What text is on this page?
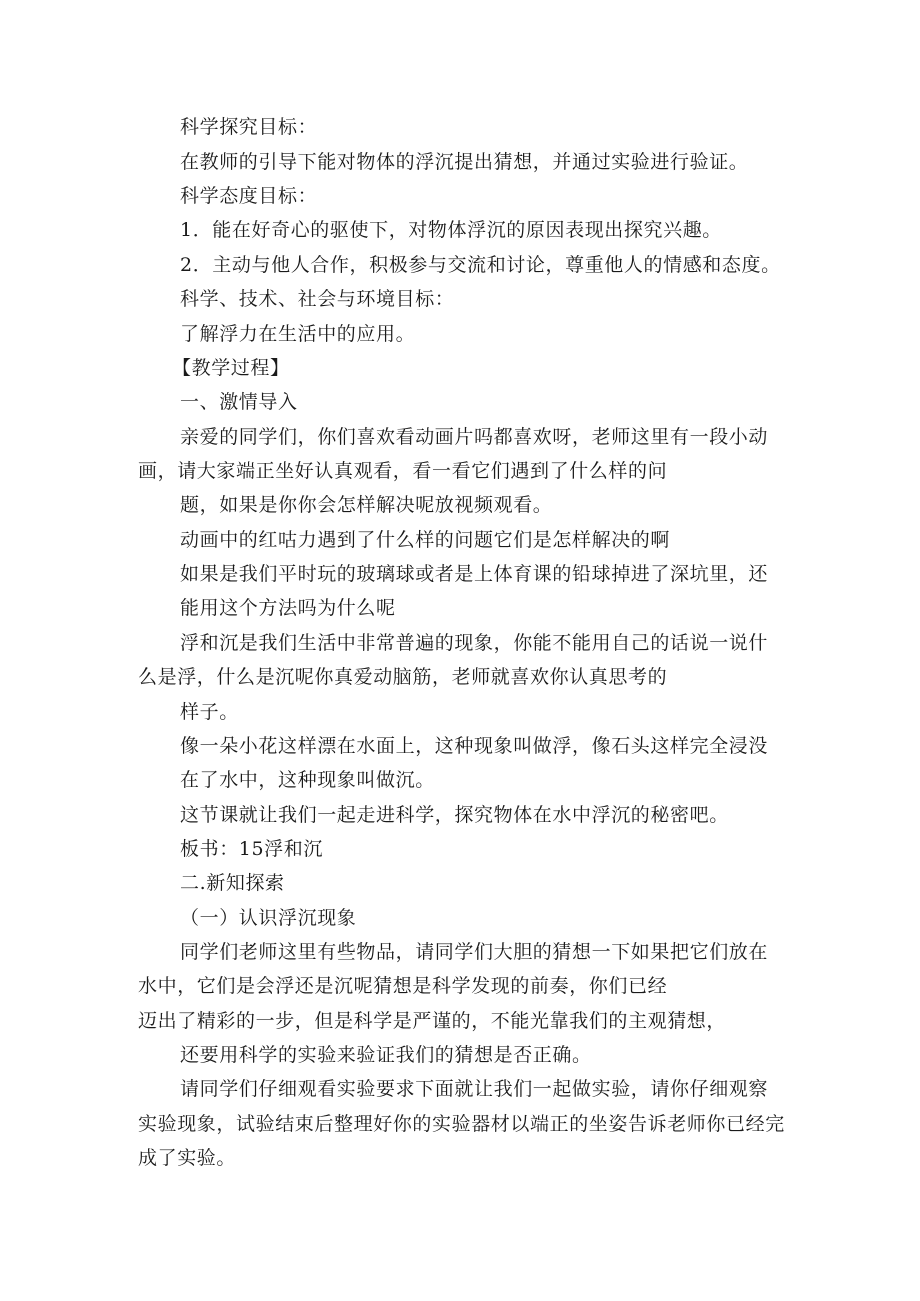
科学探究目标：
在教师的引导下能对物体的浮沉提出猜想，并通过实验进行验证。
科学态度目标：
1．能在好奇心的驱使下，对物体浮沉的原因表现出探究兴趣。
2．主动与他人合作，积极参与交流和讨论，尊重他人的情感和态度。
科学、技术、社会与环境目标：
了解浮力在生活中的应用。
【教学过程】
一、激情导入
亲爱的同学们，你们喜欢看动画片吗都喜欢呀，老师这里有一段小动
画，请大家端正坐好认真观看，看一看它们遇到了什么样的问
题，如果是你你会怎样解决呢放视频观看。
动画中的红咕力遇到了什么样的问题它们是怎样解决的啊
如果是我们平时玩的玻璃球或者是上体育课的铅球掉进了深坑里，还
能用这个方法吗为什么呢
浮和沉是我们生活中非常普遍的现象，你能不能用自己的话说一说什
么是浮，什么是沉呢你真爱动脑筋，老师就喜欢你认真思考的
样子。
像一朵小花这样漂在水面上，这种现象叫做浮，像石头这样完全浸没
在了水中，这种现象叫做沉。
这节课就让我们一起走进科学，探究物体在水中浮沉的秘密吧。
板书：15浮和沉
二.新知探索
（一）认识浮沉现象
同学们老师这里有些物品，请同学们大胆的猜想一下如果把它们放在
水中，它们是会浮还是沉呢猜想是科学发现的前奏，你们已经
迈出了精彩的一步，但是科学是严谨的，不能光靠我们的主观猜想，
还要用科学的实验来验证我们的猜想是否正确。
请同学们仔细观看实验要求下面就让我们一起做实验，请你仔细观察
实验现象，试验结束后整理好你的实验器材以端正的坐姿告诉老师你已经完
成了实验。
